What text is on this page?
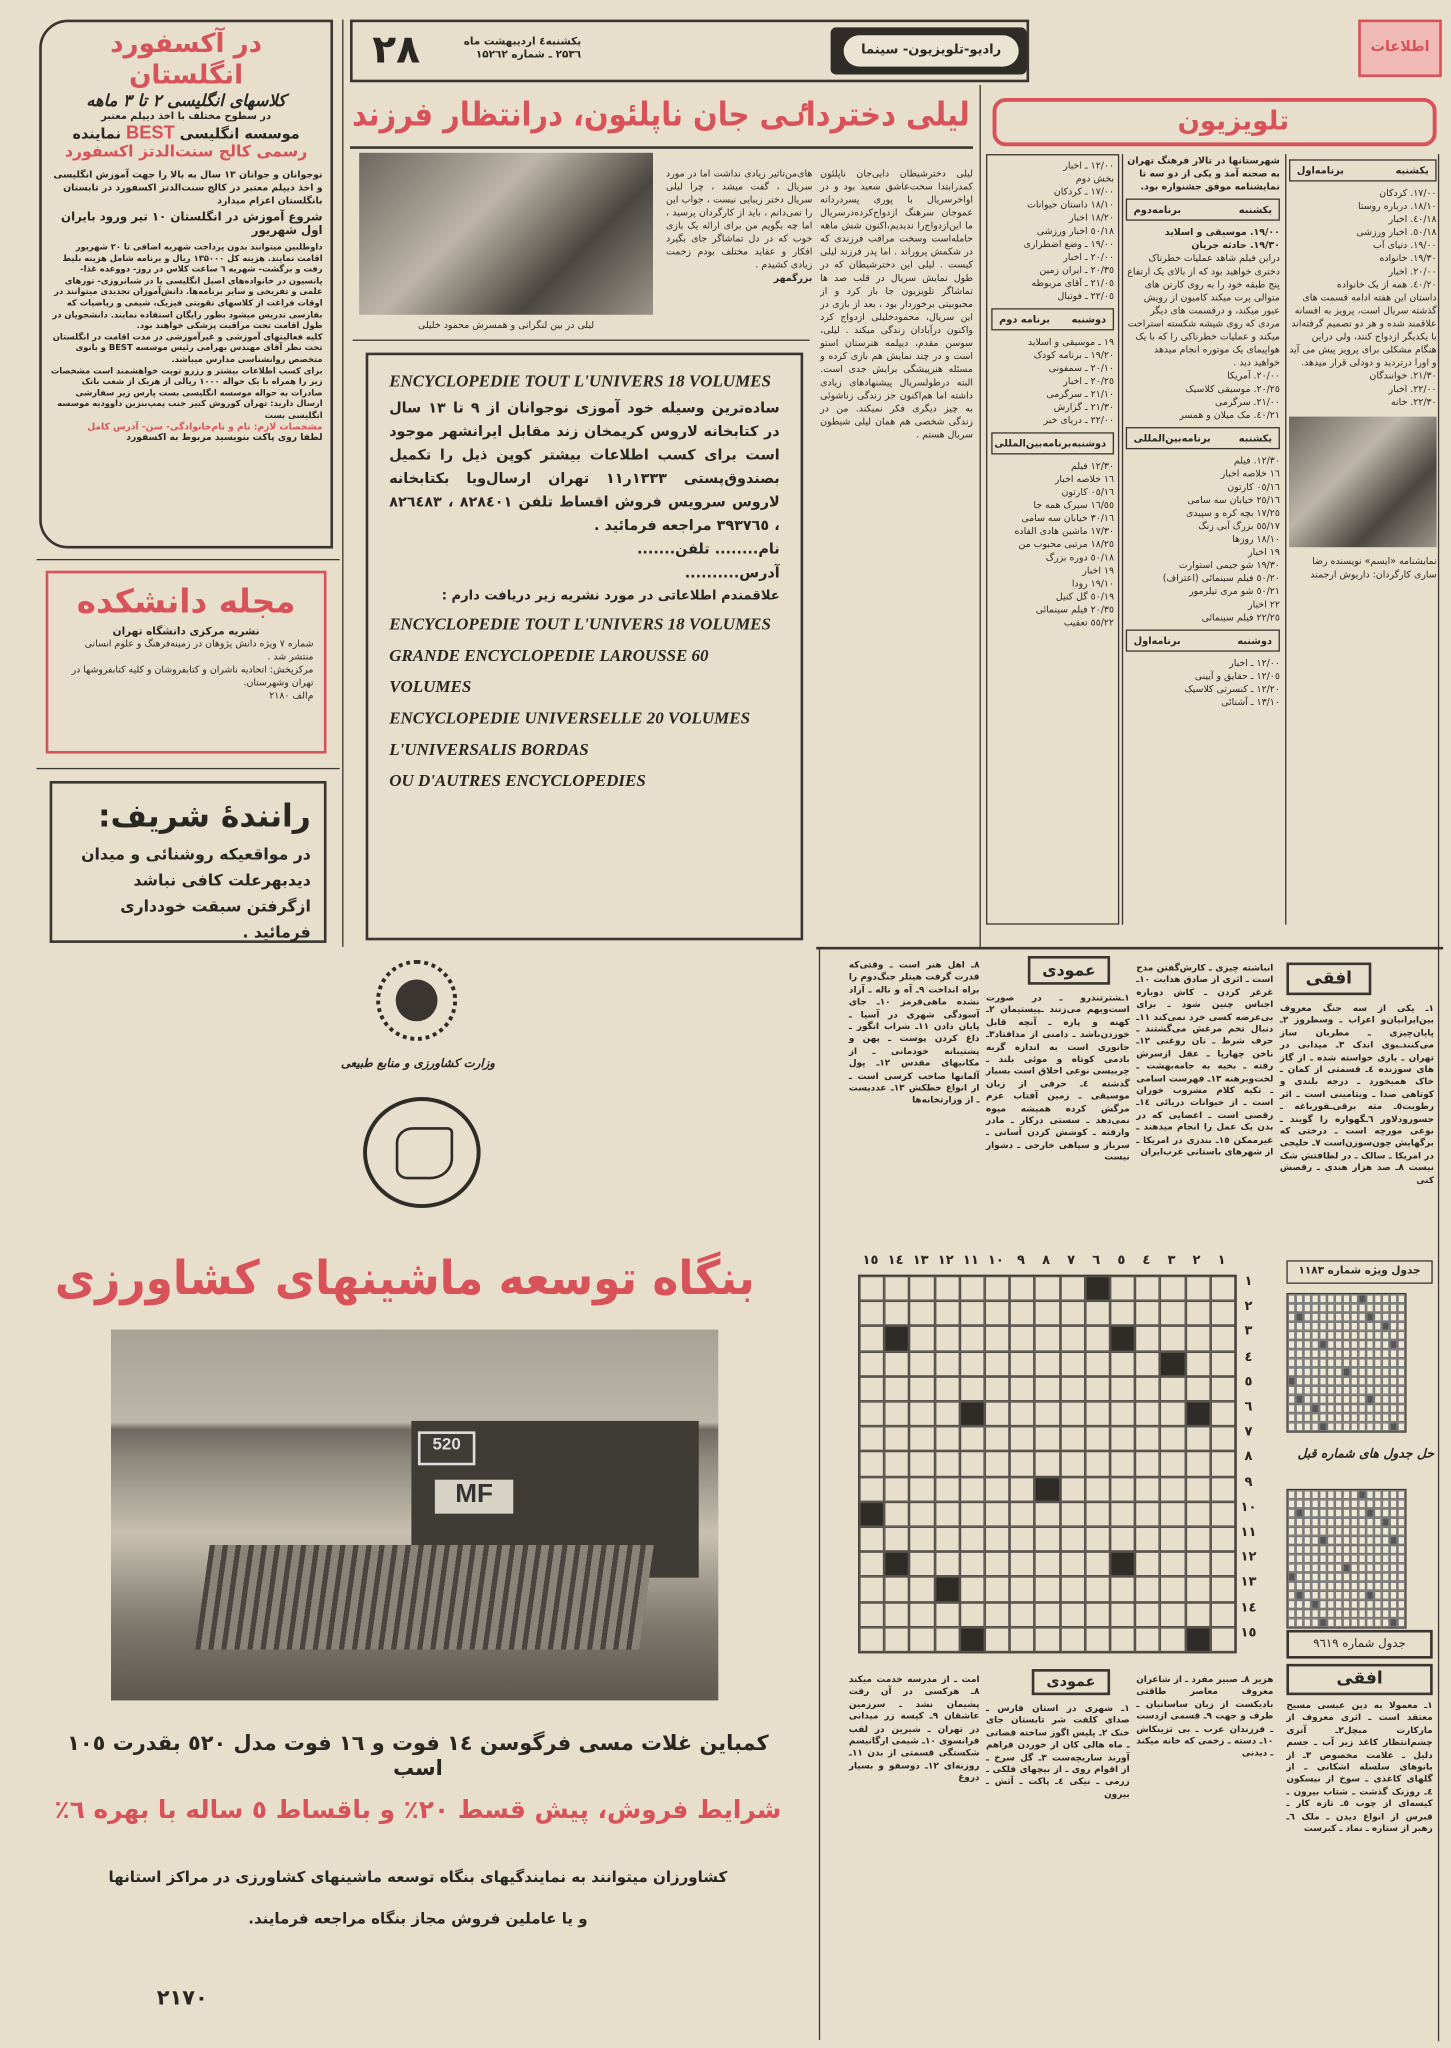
۲۸	یکشنبه٤ اردیبهشت ماه
۲۵۳٦ ـ شماره ۱۵۲٦۲	رادیو-تلویزیون- سینما	اطلاعات
در آکسفورد انگلستان
کلاسهای انگلیسی ۲ تا ۳ ماهه
در سطوح مختلف با اخذ دیپلم معتبر
موسسه انگلیسی BEST نماینده
رسمی کالج سنت‌الدتز اکسفورد
نوجوانان و جوانان ۱۳ سال به بالا را جهت آموزش انگلیسی و اخذ دیپلم معتبر در کالج سنت‌الدتز اکسفورد در تابستان بانگلستان اعزام میدارد
شروع آموزش در انگلستان ۱۰ تیر ورود بایران اول شهریور
داوطلبین میتوانند بدون پرداخت شهریه اضافی تا ۲۰ شهریور اقامت نمایند. هزینه کل ۱۳۵۰۰۰ ریال و برنامه شامل هزینه بلیط رفت و برگشت- شهریه ٦ ساعت کلاس در روز- دووعده غذا- پانسیون در خانواده‌های اصیل انگلیسی یا در شبانروزی- تورهای علمی و تفریحی و سایر برنامه‌ها. دانش‌آموزان تجدیدی میتوانند در اوقات فراغت از کلاسهای تقویتی فیزیک، شیمی و ریاضیات که بفارسی تدریس میشود بطور رایگان استفاده نمایند. دانشجویان در طول اقامت تحت مراقبت پزشکی خواهند بود.
کلیه فعالیتهای آموزشی و غیرآموزشی در مدت اقامت در انگلستان تحت نظر آقای مهندس بهرامی رئیس موسسه BEST و بانوی متخصص روانشناسی مدارس میباشد.
برای کسب اطلاعات بیشتر و رزرو توپت خواهشمند است مشخصات زیر را همراه با یک حواله ۱۰۰۰ ریالی از هریک از شعب بانک صادرات به حواله موسسه انگلیسی بست پارس زیر سفارشی ارسال دارید: تهران کوروش کبیر جنب پمپ‌بنزین داوودیه موسسه انگلیسی بست
مشخصات لازم: نام و نام‌خانوادگی- سن- آدرس کامل
لطفا روی پاکت بنویسید مربوط به اکسفورد
مجله دانشکده
نشریه مرکزی دانشگاه تهران
شماره ۷ ویژه دانش پژوهان در زمینه‌فرهنگ و علوم انسانی منتشر شد .
مرکزپخش: اتحادیه ناشران و کتابفروشان و کلیه کتابفروشها در تهران وشهرستان.
م‌الف ۲۱۸۰
رانندهٔ شریف:
در مواقعیکه روشنائی و میدان دیدبهرعلت کافی نباشد ازگرفتن سبقت خودداری فرمائید .
لیلی دخترداٸی جان ناپلئون، درانتظار فرزند
لیلی در بین لنگرانی و همسرش محمود خلیلی
لیلی دخترشیطان دایی‌جان ناپلئون کمدرابتدا سخت‌عاشق سعید بود و در اواخرسریال با پوری پسردردانه عموجان سرهنگ ازدواج‌کرده‌درسریال ما این‌ازدواج‌را ندیدیم،اکنون شش ماهه حامله‌است وسخت مراقب فرزندی که در شکمش پروراند . اما پدر فرزند لیلی کیست . لیلی این دخترشیطان که در طول نمایش سریال در قلب صد ها تماشاگر تلویزیون جا باز کرد و از محبوبیتی برخوردار بود ، بعد از بازی در این سریال، محمودخلیلی ازدواج کرد واکنون درآبادان زندگی میکند . لیلی، سوسن مقدم، دیپلمه هنرستان استو است و در چند نمایش هم بازی کرده و مسئله هنرپیشگی برایش جدی است. البته درطولسریال پیشنهادهای زیادی داشته اما هم‌اکنون جز زندگی زناشوئی به چیز دیگری فکر نمیکند. من در زندگی شخصی هم همان لیلی شیطون سریال هستم .
های‌من‌تاثیر زیادی نداشت اما در مورد سریال ، گفت میشد ، چرا لیلی سریال دختر زیبایی نیست ، جواب این را نمی‌دانم ، باید از کارگردان پرسید ، اما چه بگویم من برای ارائه یک بازی خوب که در دل تماشاگر جای بگیرد افکار و عقاید مختلف بودم زحمت زیادی کشیدم .
بزرگمهر
ENCYCLOPEDIE TOUT L'UNIVERS 18 VOLUMES
ساده‌ترین وسیله خود آموزی نوجوانان از ۹ تا ۱۳ سال در کتابخانه لاروس کریمخان زند مقابل ایرانشهر موجود است برای کسب اطلاعات بیشتر کوپن ذیل را تکمیل بصندوق‌پستی ۱۳۳۳ر۱۱ تهران ارسال‌ویا بکتابخانه لاروس سرویس فروش اقساط تلفن ۸۲۸٤۰۱ ، ۸۲٦٤۸۳ ، ۳۹۳۷٦٥ مراجعه فرمائید .
نام........ تلفن.......
آدرس..........
علاقمندم اطلاعاتی در مورد نشریه زیر دریافت دارم :
ENCYCLOPEDIE TOUT L'UNIVERS 18 VOLUMES
GRANDE ENCYCLOPEDIE LAROUSSE 60 VOLUMES
ENCYCLOPEDIE UNIVERSELLE 20 VOLUMES
L'UNIVERSALIS BORDAS
OU D'AUTRES ENCYCLOPEDIES
تلویزیون
یکشنبه
برنامه‌اول
۱۷/۰۰. کردکان
۱۸/۱۰. درباره روستا
۱۸/٤۰. اخبار
۱۸/٥۰. اخبار ورزشی
۱۹/۰۰. دنیای آب
۱۹/۳۰. خانواده
۲۰/۰۰. اخبار
۲۰/٤۰. همه از یک خانواده
داستان این هفته ادامه قسمت های گذشته سریال است، پرویز به افسانه علاقمند شده و هر دو تصمیم گرفته‌اند با یکدیگر ازدواج کنند، ولی دراین هنگام مشکلی برای پرویز پیش می آید و اورا درتردید و دودلی قرار میدهد.
۲۱/۳۰. خوانندگان
۲۲/۰۰. اخبار
۲۲/۳۰. خانه
نمایشنامه «ایسم» نویسنده رضا ساری کارگردان: داریوش ارجمند
شهرستانها در تالار فرهنگ تهران به صحنه آمد و یکی از دو سه تا نمایشنامه موفق جشنواره بود.
یکشنبه
برنامه‌دوم
۱۹/۰۰. موسیقی و اسلاید
۱۹/۳۰. حادثه جریان
دراین فیلم شاهد عملیات خطرناک دختری خواهید بود که از بالای یک ارتفاع پنج طبقه خود را به روی کارتن های متوالی پرت میکند کامیون از رویش عبور میکند، و درقسمت های دیگر مردی که روی شیشه شکسته استراحت میکند و عملیات خطرناکی را که با یک هواپیمای یک موتوره انجام میدهد خواهید دید .
۲۰/۰۰. آمریکا
۲۰/۲٥. موسیقی کلاسیک
۲۱/۰۰. سرگرمی
۲۱/٤۰. مک میلان و همسر
یکشنبه
برنامه‌بین‌المللی
۱۲/۳۰. فیلم
۱٦ خلاصه اخبار
۱٦/۰٥ کارتون
۱٦/۲٥ خیابان سه سامی
۱۷/۲٥ بچه کره و سپیدی
۱۷/٥٥ بزرگ آبی زنگ
۱۸/۱۰ روزها
۱۹ اخبار
۱۹/۳۰ شو جیمی استوارت
۲۰/٥۰ فیلم سینمائی (اعتراف)
۲۱/٥۰ شو مری تیلرمور
۲۲ اخبار
۲۲/۲٥ فیلم سینمائی
دوشنبه
برنامه‌اول
۱۲/۰۰ ـ اخبار
۱۲/۰٥ ـ حقایق و آیینی
۱۲/۲۰ ـ کنسرتی کلاسیک
۱۳/۱۰ ـ آشنائی
۱۲/۰۰ ـ اخبار
بخش دوم
۱۷/۰۰ ـ کردکان
۱۸/۱۰ داستان حیوانات
۱۸/۲۰ اخبار
۱۸/٥۰ اخبار ورزشی
۱۹/۰۰ ـ وضع اضطراری
۲۰/۰۰ ـ اخبار
۲۰/۳٥ ـ ایران زمین
۲۱/۰٥ ـ آقای مربوطه
۲۲/۰٥ ـ فوتبال
دوشنبه
برنامه دوم
۱۹ ـ موسیقی و اسلاید
۱۹/۲۰ ـ برنامه کودک
۲۰/۱۰ ـ سمفونی
۲۰/۲٥ ـ اخبار
۲۱/۱۰ ـ سرگرمی
۲۱/۳۰ ـ گزارش
۲۲/۰۰ ـ دریای خبر
دوشنبه
برنامه‌بین‌المللی
۱۲/۳۰ فیلم
۱٦ خلاصه اخبار
۱٦/۰٥ کارتون
۱٦/٥٥ سیرک همه جا
۱٦/۳۰ خیابان سه سامی
۱۷/۳۰ ماشین هادی الفاده
۱۸/۲٥ مرتبی محبوب من
۱۸/٥۰ دوره بزرگ
۱۹ اخبار
۱۹/۱۰ رودا
۱۹/٥۰ گل کنیل
۲۰/۳٥ فیلم سینمائی
۲۲/٥٥ تعقیب
افقی
۱ـ یکی از سه جنگ معروف بین‌ایرانیان‌و اعراب ـ وسطروز ۲ـ پایان‌چیزی ـ مطربان ساز می‌کنندـبوی اندک ۳ـ میدانی در تهران ـ یاری خواسته شده ـ از گاز های سوزنده ٤ـ قسمتی از کمان ـ خاک همیخورد ـ درجه بلندی و کوتاهی صدا ـ ویتامینی است ـ اثر رطوبت٥ـ مته برقی‌ـقورباغه ـ جسورودلاور ٦ـگهواره را گویند ـ نوعی مورچه است ـ درختی که برگهایش چون‌سوزن‌است ۷ـ خلیجی در امریکا ـ سالک ـ در لطافتش شک نیست ۸ـ صد هزار هندی ـ رقصش کنی
انباشته چیزی ـ کارش‌گفتن مدح است ـ اثری از صادق هدایت ۱۰ـ غرغر کردن ـ کاش دوباره اجناس چنین شود ـ برای بی‌عرضه کسی خرد نمی‌کند ۱۱ـ دنبال تخم مرغش می‌گشتند ـ حرف شرط ـ نان روغنی ۱۲ـ ناخن چهارپا ـ عقل ازسرش رفته ـ بخیه به جامه‌بهشت ـ لخت‌وبرهنه ۱۳ـ فهرست اسامی ـ تکیه کلام مشروب خوران است ـ از حیوانات دریائی ۱٤ـ رقصی است ـ اعضایی که در بدن یک عمل را انجام میدهند ـ غیرممکن ۱٥ـ بندری در امریکا ـ از شهرهای باستانی غرب‌ایران
عمودی
۱ـشترتندرو ـ در صورت است‌وبهم می‌زنند ـپیستیمان ۲ـ کهنه و پاره ـ آنچه قابل خوردن‌باشد ـ دامنی از مدافتاد۳ـ جانوری است به اندازه گربه بادمی کوتاه و موئی بلند ـ چربیسی نوعی اخلاق است بسیار گذشته ٤ـ حرفی از زبان موسیقی ـ زمین آفتاب عزم مرگش کرده همیشه میوه نمی‌دهد ـ سستی درکار ـ مادر وارفته ـ کوشش کردن آسانی ـ سرباز و سپاهی خارجی ـ دشوار نیست
۸ـ اهل هنر است ـ وقتی‌که قدرت گرفت هیتلر جنگ‌دوم را براه انداخت ۹ـ آه و ناله ـ آزاد نشده ماهی‌قرمز ۱۰ـ جای آسودگی شهری در آسیا ـ پایان دادن ۱۱ـ شراب انگور ـ داغ کردن پوست ـ پهن و پشتیبانه خودمانی ـ از مکانیهای مقدس ۱۲ـ پول آلمانها صاحب کرسی است ـ از انواع خطکش ۱۳ـ عددیست ـ از وزارتخانه‌ها
۱
۲
۳
٤
٥
٦
۷
۸
۹
۱۰
۱۱
۱۲
۱۳
۱٤
۱٥
۱
۲
۳
٤
٥
٦
۷
۸
۹
۱۰
۱۱
۱۲
۱۳
۱٤
۱٥
جدول ویژه شماره ۱۱۸۳
حل جدول های شماره قبل
جدول شماره ۹٦۱۹
افقی
۱ـ معمولا به دین عیسی مسیح معتقد است ـ اثری معروف از مارکارت میچل۲ـ آنری چشم‌انتظار کاغذ زیر آب ـ جسم دلیل ـ علامت مخصوص ۳ـ از بانوهای سلسله اشکانی ـ از گلهای کاغذی ـ سوخ از نیسکون ٤ـ روزنک گذشت ـ شتاب بیرون ـ کیسه‌ای از چوب ٥ـ تازه کار ـ قبرس از انواع دیدن ـ ملک ٦ـ رهبر از ستاره ـ نماد ـ کبرست
هزیر ۸ـ صبیر مفرد ـ از شاعران معروف معاصر طاقتی بادیکست از زبان ساسانیان ـ طرف و جهت ۹ـ قسمی ازدست ـ فرزندان عرب ـ بی تزینکاش ۱۰ـ دسته ـ زخمی که خانه میکند ـ دیدنی
عمودی
۱ـ شهری در استان فارس ـ صدای کلفت شر تابستان جای خنک ۲ـ پلیس اگوز ساخته قضاتی ـ ماه هالی کان از خوردن فراهم آورند ساریچه‌ست ۳ـ گل سرخ ـ از اقوام روی ـ از بیچهای فلکی ـ زرمی ـ نیکی ٤ـ پاکت ـ آتش ـ بیرون
امت ـ از مدرسه خدمت میکند ۸ـ هرکسی در آن رفت پشیمان نشد ـ سرزمین عاشقان ۹ـ کیسه زر میدانی در تهران ـ شیرین در لقب فرانسوی ۱۰ـ شیمی ارگانیسم شکستگی قسمتی از بدن ۱۱ـ روزنه‌ای ۱۲ـ دوسفو و بسیار دروغ
وزارت کشاورزی و منابع طبیعی
بنگاه توسعه ماشینهای کشاورزی
520
MF
کمباین غلات مسی فرگوسن ۱٤ فوت و ۱٦ فوت مدل ٥۲۰ بقدرت ۱۰٥ اسب
شرایط فروش، پیش قسط ۲۰٪ و باقساط ٥ ساله با بهره ٦٪
کشاورزان میتوانند به نمایندگیهای بنگاه توسعه ماشینهای کشاورزی در مراکز استانها
و یا عاملین فروش مجاز بنگاه مراجعه فرمایند.
۲۱۷۰
